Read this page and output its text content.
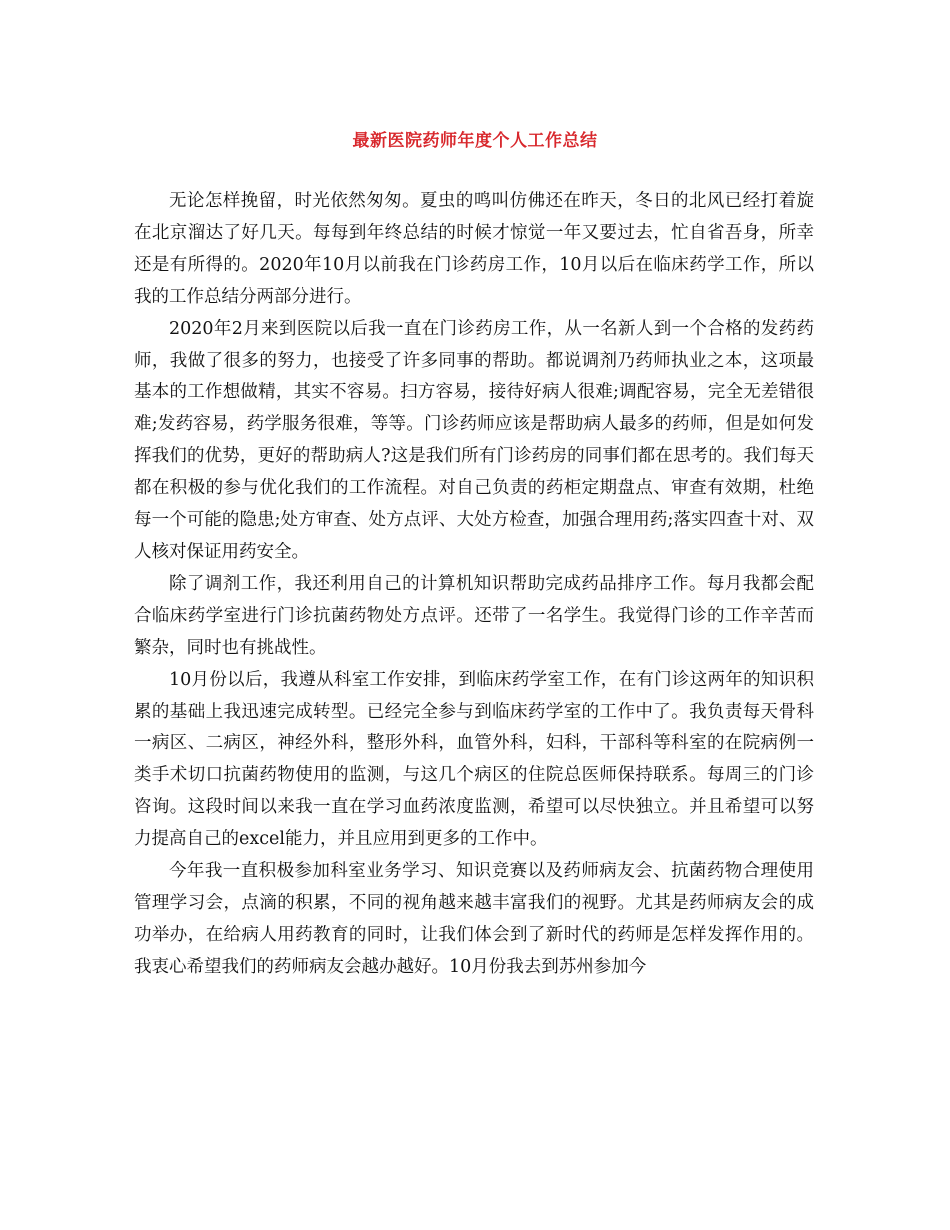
最新医院药师年度个人工作总结

无论怎样挽留，时光依然匆匆。夏虫的鸣叫仿佛还在昨天，冬日的北风已经打着旋在北京溜达了好几天。每每到年终总结的时候才惊觉一年又要过去，忙自省吾身，所幸还是有所得的。2020年10月以前我在门诊药房工作，10月以后在临床药学工作，所以我的工作总结分两部分进行。

2020年2月来到医院以后我一直在门诊药房工作，从一名新人到一个合格的发药药师，我做了很多的努力，也接受了许多同事的帮助。都说调剂乃药师执业之本，这项最基本的工作想做精，其实不容易。扫方容易，接待好病人很难;调配容易，完全无差错很难;发药容易，药学服务很难，等等。门诊药师应该是帮助病人最多的药师，但是如何发挥我们的优势，更好的帮助病人?这是我们所有门诊药房的同事们都在思考的。我们每天都在积极的参与优化我们的工作流程。对自己负责的药柜定期盘点、审查有效期，杜绝每一个可能的隐患;处方审查、处方点评、大处方检查，加强合理用药;落实四查十对、双人核对保证用药安全。

除了调剂工作，我还利用自己的计算机知识帮助完成药品排序工作。每月我都会配合临床药学室进行门诊抗菌药物处方点评。还带了一名学生。我觉得门诊的工作辛苦而繁杂，同时也有挑战性。

10月份以后，我遵从科室工作安排，到临床药学室工作，在有门诊这两年的知识积累的基础上我迅速完成转型。已经完全参与到临床药学室的工作中了。我负责每天骨科一病区、二病区，神经外科，整形外科，血管外科，妇科，干部科等科室的在院病例一类手术切口抗菌药物使用的监测，与这几个病区的住院总医师保持联系。每周三的门诊咨询。这段时间以来我一直在学习血药浓度监测，希望可以尽快独立。并且希望可以努力提高自己的excel能力，并且应用到更多的工作中。

今年我一直积极参加科室业务学习、知识竞赛以及药师病友会、抗菌药物合理使用管理学习会，点滴的积累，不同的视角越来越丰富我们的视野。尤其是药师病友会的成功举办，在给病人用药教育的同时，让我们体会到了新时代的药师是怎样发挥作用的。我衷心希望我们的药师病友会越办越好。10月份我去到苏州参加今
